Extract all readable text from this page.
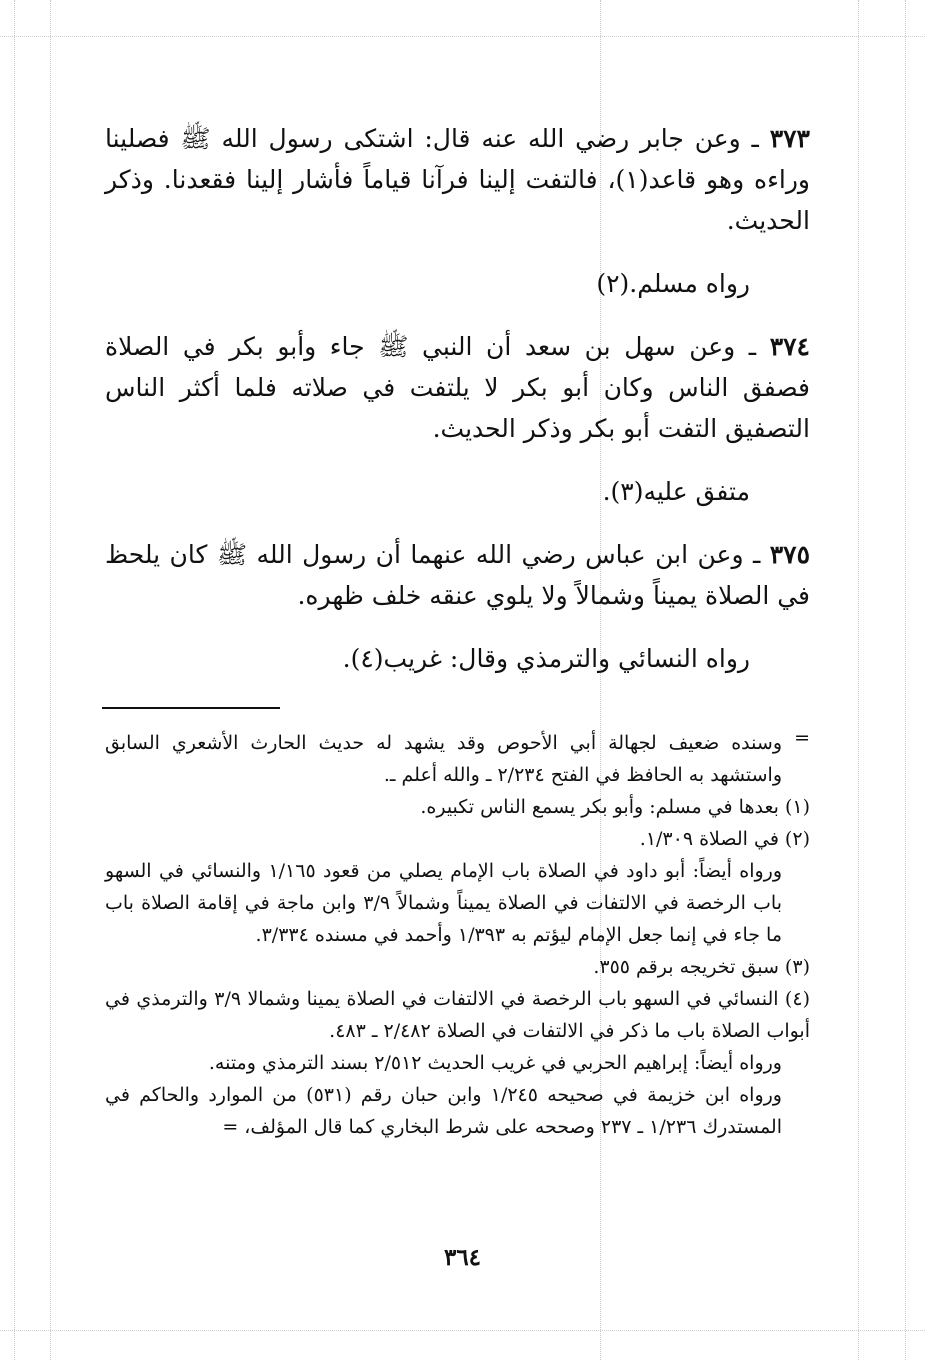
٣٧٣ ـ وعن جابر رضي الله عنه قال: اشتكى رسول الله ﷺ فصلينا وراءه وهو قاعد(١)، فالتفت إلينا فرآنا قياماً فأشار إلينا فقعدنا. وذكر الحديث.

رواه مسلم.(٢)

٣٧٤ ـ وعن سهل بن سعد أن النبي ﷺ جاء وأبو بكر في الصلاة فصفق الناس وكان أبو بكر لا يلتفت في صلاته فلما أكثر الناس التصفيق التفت أبو بكر وذكر الحديث.

متفق عليه(٣).

٣٧٥ ـ وعن ابن عباس رضي الله عنهما أن رسول الله ﷺ كان يلحظ في الصلاة يميناً وشمالاً ولا يلوي عنقه خلف ظهره.

رواه النسائي والترمذي وقال: غريب(٤).

=

وسنده ضعيف لجهالة أبي الأحوص وقد يشهد له حديث الحارث الأشعري السابق واستشهد به الحافظ في الفتح ٢/٢٣٤ ـ والله أعلم ـ.

(١) بعدها في مسلم: وأبو بكر يسمع الناس تكبيره.

(٢) في الصلاة ١/٣٠٩.

ورواه أيضاً: أبو داود في الصلاة باب الإمام يصلي من قعود ١/١٦٥ والنسائي في السهو باب الرخصة في الالتفات في الصلاة يميناً وشمالاً ٣/٩ وابن ماجة في إقامة الصلاة باب ما جاء في إنما جعل الإمام ليؤتم به ١/٣٩٣ وأحمد في مسنده ٣/٣٣٤.

(٣) سبق تخريجه برقم ٣٥٥.

(٤) النسائي في السهو باب الرخصة في الالتفات في الصلاة يمينا وشمالا ٣/٩ والترمذي في أبواب الصلاة باب ما ذكر في الالتفات في الصلاة ٢/٤٨٢ ـ ٤٨٣.

ورواه أيضاً: إبراهيم الحربي في غريب الحديث ٢/٥١٢ بسند الترمذي ومتنه.

ورواه ابن خزيمة في صحيحه ١/٢٤٥ وابن حبان رقم (٥٣١) من الموارد والحاكم في المستدرك ١/٢٣٦ ـ ٢٣٧ وصححه على شرط البخاري كما قال المؤلف، =

٣٦٤
